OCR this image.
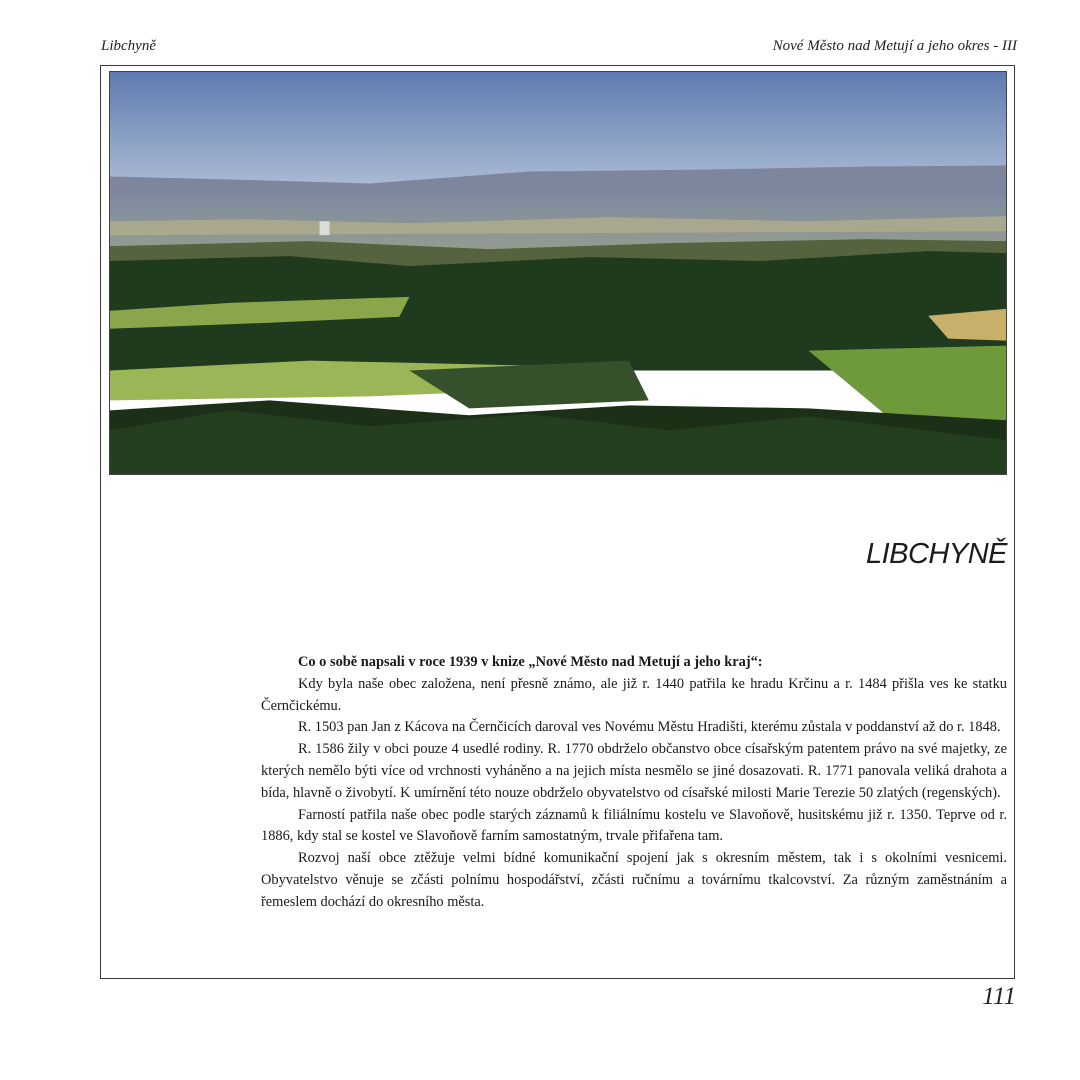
Libchyně	Nové Město nad Metují a jeho okres - III
LIBCHYNĚ

Co o sobě napsali v roce 1939 v knize „Nové Město nad Metují a jeho kraj“:

Kdy byla naše obec založena, není přesně známo, ale již r. 1440 patřila ke hradu Krčinu a r. 1484 přišla ves ke statku Černčickému.

R. 1503 pan Jan z Kácova na Černčicích daroval ves Novému Městu Hradišti, kterému zůstala v poddanství až do r. 1848.

R. 1586 žily v obci pouze 4 usedlé rodiny. R. 1770 obdrželo občanstvo obce císařským patentem právo na své majetky, ze kterých nemělo býti více od vrchnosti vyháněno a na jejich místa nesmělo se jiné dosazovati. R. 1771 panovala veliká drahota a bída, hlavně o živobytí. K umírnění této nouze obdrželo obyvatelstvo od císařské milosti Marie Terezie 50 zlatých (regenských).

Farností patřila naše obec podle starých záznamů k filiálnímu kostelu ve Slavoňově, husitskému již r. 1350. Teprve od r. 1886, kdy stal se kostel ve Slavoňově farním samostatným, trvale přifařena tam.

Rozvoj naší obce ztěžuje velmi bídné komunikační spojení jak s okresním městem, tak i s okolními vesnicemi. Obyvatelstvo věnuje se zčásti polnímu hospodářství, zčásti ručnímu a továrnímu tkalcovství. Za různým zaměstnáním a řemeslem dochází do okresního města.

111
